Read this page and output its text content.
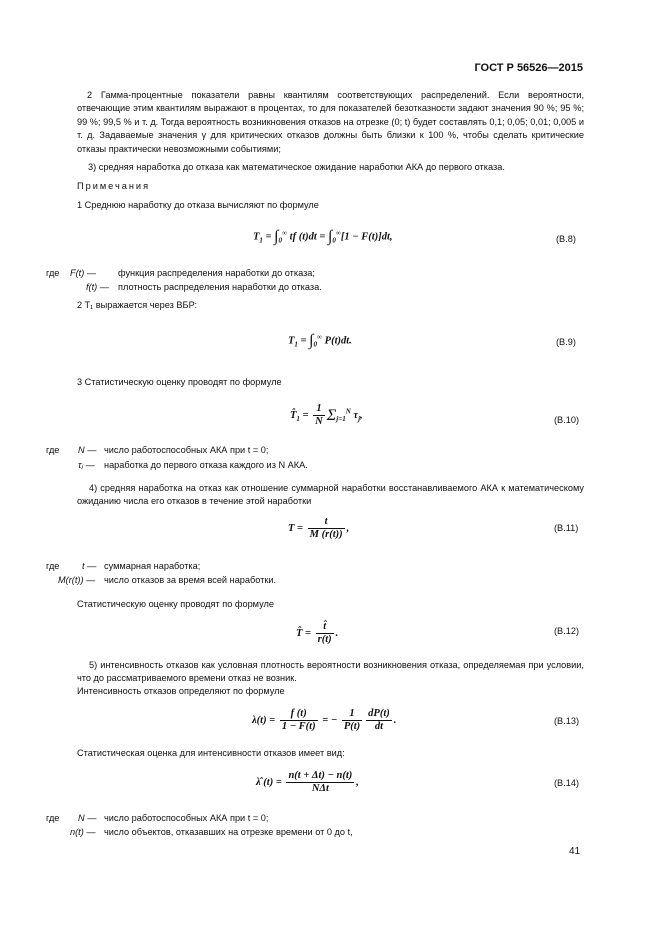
ГОСТ Р 56526—2015
2 Гамма-процентные показатели равны квантилям соответствующих распределений. Если вероятности, отвечающие этим квантилям выражают в процентах, то для показателей безотказности задают значения 90 %; 95 %; 99 %; 99,5 % и т. д. Тогда вероятность возникновения отказов на отрезке (0; t) будет составлять 0,1; 0,05; 0,01; 0,005 и т. д. Задаваемые значения γ для критических отказов должны быть близки к 100 %, чтобы сделать критические отказы практически невозможными событиями;
3) средняя наработка до отказа как математическое ожидание наработки АКА до первого отказа.
Примечания
1 Среднюю наработку до отказа вычисляют по формуле
$T_1 = \int_0^\infty$ tf $(t)dt = \int_0^\infty[1 - F(t)]dt$,	(В.8)
где F(t) — функция распределения наработки до отказа;
f(t) — плотность распределения наработки до отказа.
2 T₁ выражается через ВБР:
$T_1 = \int_0^\infty$ P(t)dt.	(В.9)
3 Статистическую оценку проводят по формуле
$T̂_1 = \frac{1}{N} \Sigma_{j=1}^N$ $\tau_j$,	(В.10)
где N — число работоспособных АКА при t = 0;
τⱼ — наработка до первого отказа каждого из N АКА.
4) средняя наработка на отказ как отношение суммарной наработки восстанавливаемого АКА к математическому ожиданию числа его отказов в течение этой наработки
$T = \frac{t}{M (r(t))}$ ,	(В.11)
где t — суммарная наработка;
M(r(t)) — число отказов за время всей наработки.
Статистическую оценку проводят по формуле
T̂ = $\frac{t̂}{r(t)}$ .	(В.12)
5) интенсивность отказов как условная плотность вероятности возникновения отказа, определяемая при условии, что до рассматриваемого времени отказ не возник.
Интенсивность отказов определяют по формуле
$\lambda(t) = \frac{f (t)}{1 - F(t)}$ = − $\frac{1}{P(t)} \frac{dP(t)}{dt}$ .	(В.13)
Статистическая оценка для интенсивности отказов имеет вид:
λ̂ $(t) = \frac{n(t + \Delta t) - n(t)}{\text{NΔt}}$ ,	(В.14)
где N — число работоспособных АКА при t = 0;
n(t) — число объектов, отказавших на отрезке времени от 0 до t,
41
